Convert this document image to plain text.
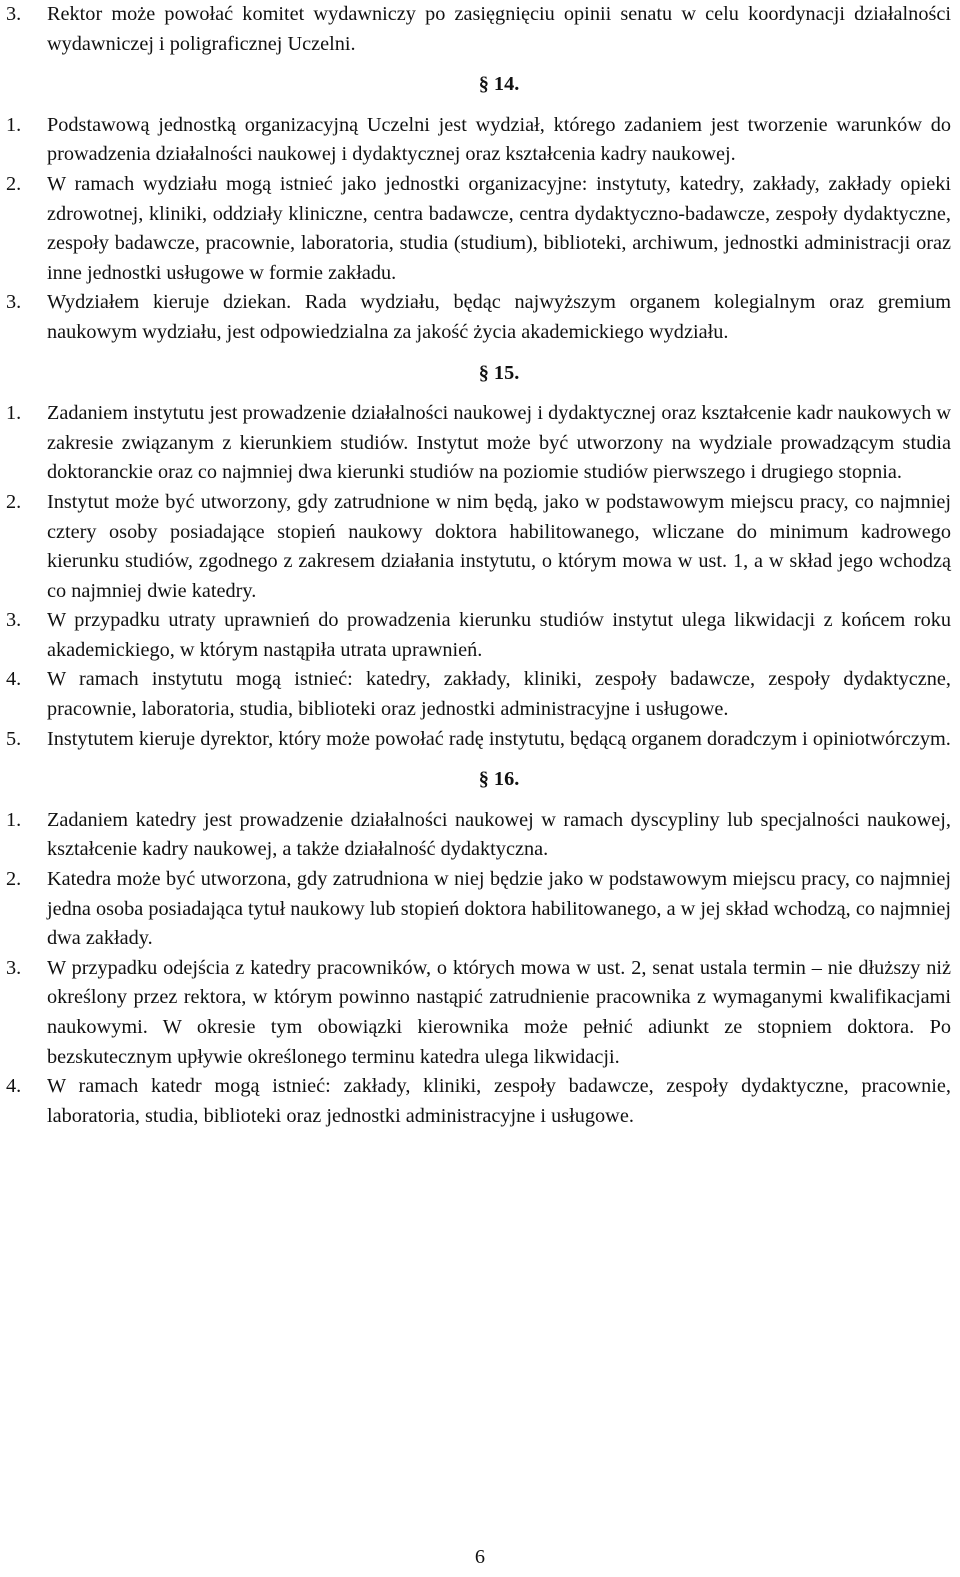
3. Rektor może powołać komitet wydawniczy po zasięgnięciu opinii senatu w celu koordynacji działalności wydawniczej i poligraficznej Uczelni.
§ 14.
1. Podstawową jednostką organizacyjną Uczelni jest wydział, którego zadaniem jest tworzenie warunków do prowadzenia działalności naukowej i dydaktycznej oraz kształcenia kadry naukowej.
2. W ramach wydziału mogą istnieć jako jednostki organizacyjne: instytuty, katedry, zakłady, zakłady opieki zdrowotnej, kliniki, oddziały kliniczne, centra badawcze, centra dydaktyczno-badawcze, zespoły dydaktyczne, zespoły badawcze, pracownie, laboratoria, studia (studium), biblioteki, archiwum, jednostki administracji oraz inne jednostki usługowe w formie zakładu.
3. Wydziałem kieruje dziekan. Rada wydziału, będąc najwyższym organem kolegialnym oraz gremium naukowym wydziału, jest odpowiedzialna za jakość życia akademickiego wydziału.
§ 15.
1. Zadaniem instytutu jest prowadzenie działalności naukowej i dydaktycznej oraz kształcenie kadr naukowych w zakresie związanym z kierunkiem studiów. Instytut może być utworzony na wydziale prowadzącym studia doktoranckie oraz co najmniej dwa kierunki studiów na poziomie studiów pierwszego i drugiego stopnia.
2. Instytut może być utworzony, gdy zatrudnione w nim będą, jako w podstawowym miejscu pracy, co najmniej cztery osoby posiadające stopień naukowy doktora habilitowanego, wliczane do minimum kadrowego kierunku studiów, zgodnego z zakresem działania instytutu, o którym mowa w ust. 1, a w skład jego wchodzą co najmniej dwie katedry.
3. W przypadku utraty uprawnień do prowadzenia kierunku studiów instytut ulega likwidacji z końcem roku akademickiego, w którym nastąpiła utrata uprawnień.
4. W ramach instytutu mogą istnieć: katedry, zakłady, kliniki, zespoły badawcze, zespoły dydaktyczne, pracownie, laboratoria, studia, biblioteki oraz jednostki administracyjne i usługowe.
5. Instytutem kieruje dyrektor, który może powołać radę instytutu, będącą organem doradczym i opiniotwórczym.
§ 16.
1. Zadaniem katedry jest prowadzenie działalności naukowej w ramach dyscypliny lub specjalności naukowej, kształcenie kadry naukowej, a także działalność dydaktyczna.
2. Katedra może być utworzona, gdy zatrudniona w niej będzie jako w podstawowym miejscu pracy, co najmniej jedna osoba posiadająca tytuł naukowy lub stopień doktora habilitowanego, a w jej skład wchodzą, co najmniej dwa zakłady.
3. W przypadku odejścia z katedry pracowników, o których mowa w ust. 2, senat ustala termin – nie dłuższy niż określony przez rektora, w którym powinno nastąpić zatrudnienie pracownika z wymaganymi kwalifikacjami naukowymi. W okresie tym obowiązki kierownika może pełnić adiunkt ze stopniem doktora. Po bezskutecznym upływie określonego terminu katedra ulega likwidacji.
4. W ramach katedr mogą istnieć: zakłady, kliniki, zespoły badawcze, zespoły dydaktyczne, pracownie, laboratoria, studia, biblioteki oraz jednostki administracyjne i usługowe.
6
